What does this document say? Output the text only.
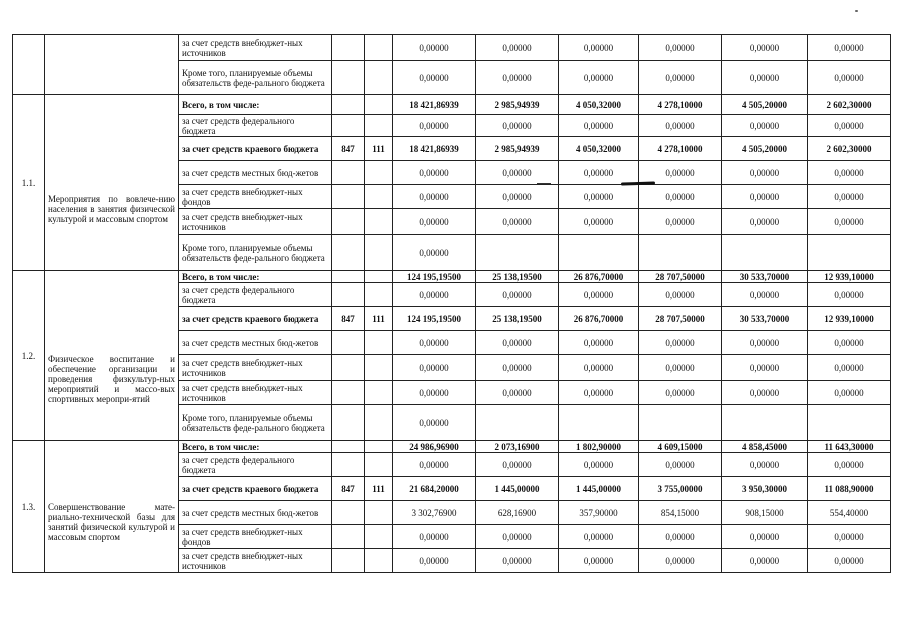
		за счет средств внебюджет-ных источников			0,00000	0,00000	0,00000	0,00000	0,00000	0,00000
		Кроме того, планируемые объемы обязательств феде-рального бюджета			0,00000	0,00000	0,00000	0,00000	0,00000	0,00000
1.1.	Мероприятия по вовлече-нию населения в занятия физической культурой и массовым спортом	Всего, в том числе:			18 421,86939	2 985,94939	4 050,32000	4 278,10000	4 505,20000	2 602,30000
		за счет средств федерального бюджета			0,00000	0,00000	0,00000	0,00000	0,00000	0,00000
		за счет средств краевого бюджета	847	111	18 421,86939	2 985,94939	4 050,32000	4 278,10000	4 505,20000	2 602,30000
		за счет средств местных бюд-жетов			0,00000	0,00000	0,00000	0,00000	0,00000	0,00000
		за счет средств внебюджет-ных фондов			0,00000	0,00000	0,00000	0,00000	0,00000	0,00000
		за счет средств внебюджет-ных источников			0,00000	0,00000	0,00000	0,00000	0,00000	0,00000
		Кроме того, планируемые объемы обязательств феде-рального бюджета			0,00000					
1.2.	Физическое воспитание и обеспечение организации и проведения физкультур-ных мероприятий и массо-вых спортивных меропри-ятий	Всего, в том числе:			124 195,19500	25 138,19500	26 876,70000	28 707,50000	30 533,70000	12 939,10000
		за счет средств федерального бюджета			0,00000	0,00000	0,00000	0,00000	0,00000	0,00000
		за счет средств краевого бюджета	847	111	124 195,19500	25 138,19500	26 876,70000	28 707,50000	30 533,70000	12 939,10000
		за счет средств местных бюд-жетов			0,00000	0,00000	0,00000	0,00000	0,00000	0,00000
		за счет средств внебюджет-ных источников			0,00000	0,00000	0,00000	0,00000	0,00000	0,00000
		за счет средств внебюджет-ных источников			0,00000	0,00000	0,00000	0,00000	0,00000	0,00000
		Кроме того, планируемые объемы обязательств феде-рального бюджета			0,00000					
1.3.	Совершенствование мате-риально-технической базы для занятий физической культурой и массовым спортом	Всего, в том числе:			24 986,96900	2 073,16900	1 802,90000	4 609,15000	4 858,45000	11 643,30000
		за счет средств федерального бюджета			0,00000	0,00000	0,00000	0,00000	0,00000	0,00000
		за счет средств краевого бюджета	847	111	21 684,20000	1 445,00000	1 445,00000	3 755,00000	3 950,30000	11 088,90000
		за счет средств местных бюд-жетов			3 302,76900	628,16900	357,90000	854,15000	908,15000	554,40000
		за счет средств внебюджет-ных фондов			0,00000	0,00000	0,00000	0,00000	0,00000	0,00000
		за счет средств внебюджет-ных источников			0,00000	0,00000	0,00000	0,00000	0,00000	0,00000
